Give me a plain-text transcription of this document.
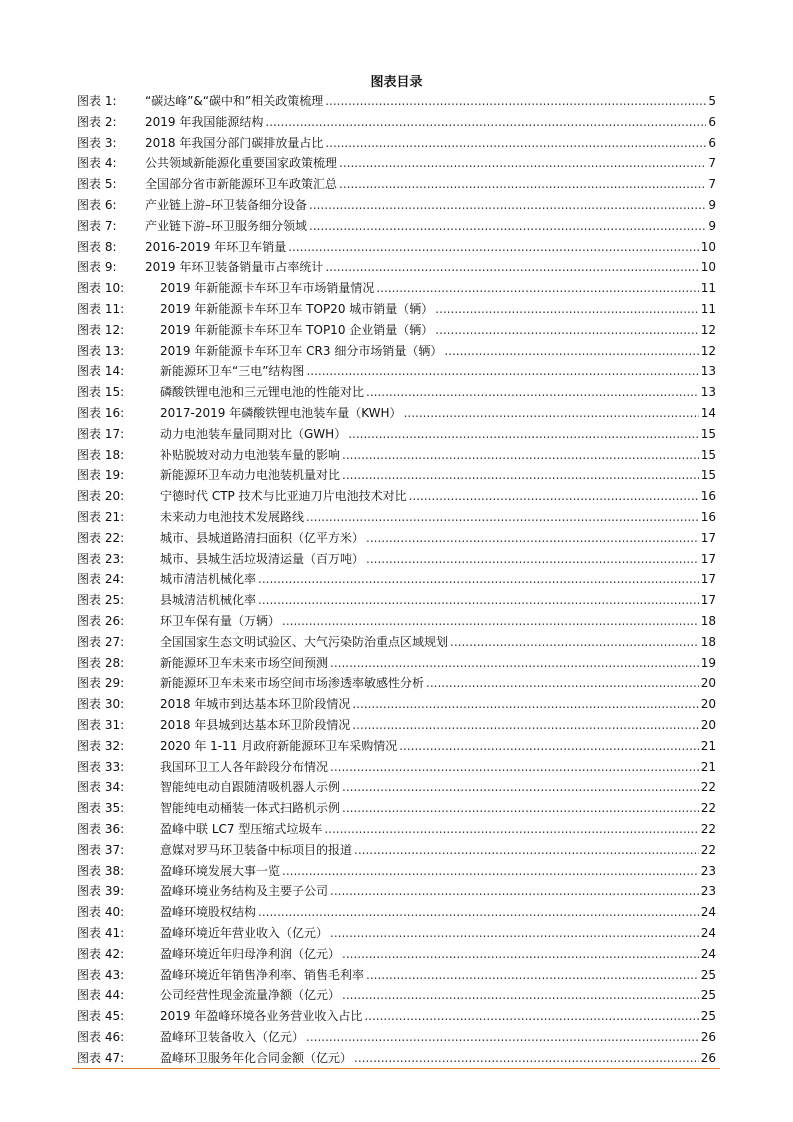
图表目录
图表 1:	“碳达峰”&“碳中和”相关政策梳理 .....	5
图表 2:	2019 年我国能源结构 .....	6
图表 3:	2018 年我国分部门碳排放量占比 .....	6
图表 4:	公共领域新能源化重要国家政策梳理 .....	7
图表 5:	全国部分省市新能源环卫车政策汇总 .....	7
图表 6:	产业链上游–环卫装备细分设备 .....	9
图表 7:	产业链下游–环卫服务细分领域 .....	9
图表 8:	2016-2019 年环卫车销量 .....	10
图表 9:	2019 年环卫装备销量市占率统计 .....	10
图表 10:	2019 年新能源卡车环卫车市场销量情况 .....	11
图表 11:	2019 年新能源卡车环卫车 TOP20 城市销量（辆） .....	11
图表 12:	2019 年新能源卡车环卫车 TOP10 企业销量（辆） .....	12
图表 13:	2019 年新能源卡车环卫车 CR3 细分市场销量（辆） .....	12
图表 14:	新能源环卫车“三电”结构图 .....	13
图表 15:	磷酸铁锂电池和三元锂电池的性能对比 .....	13
图表 16:	2017-2019 年磷酸铁锂电池装车量（KWH） .....	14
图表 17:	动力电池装车量同期对比（GWH） .....	15
图表 18:	补贴脱坡对动力电池装车量的影响 .....	15
图表 19:	新能源环卫车动力电池装机量对比 .....	15
图表 20:	宁德时代 CTP 技术与比亚迪刀片电池技术对比 .....	16
图表 21:	未来动力电池技术发展路线 .....	16
图表 22:	城市、县城道路清扫面积（亿平方米） .....	17
图表 23:	城市、县城生活垃圾清运量（百万吨） .....	17
图表 24:	城市清洁机械化率 .....	17
图表 25:	县城清洁机械化率 .....	17
图表 26:	环卫车保有量（万辆） .....	18
图表 27:	全国国家生态文明试验区、大气污染防治重点区域规划 .....	18
图表 28:	新能源环卫车未来市场空间预测 .....	19
图表 29:	新能源环卫车未来市场空间市场渗透率敏感性分析 .....	20
图表 30:	2018 年城市到达基本环卫阶段情况 .....	20
图表 31:	2018 年县城到达基本环卫阶段情况 .....	20
图表 32:	2020 年 1-11 月政府新能源环卫车采购情况 .....	21
图表 33:	我国环卫工人各年龄段分布情况 .....	21
图表 34:	智能纯电动自跟随清吸机器人示例 .....	22
图表 35:	智能纯电动桶装一体式扫路机示例 .....	22
图表 36:	盈峰中联 LC7 型压缩式垃圾车 .....	22
图表 37:	意媒对罗马环卫装备中标项目的报道 .....	22
图表 38:	盈峰环境发展大事一览 .....	23
图表 39:	盈峰环境业务结构及主要子公司 .....	23
图表 40:	盈峰环境股权结构 .....	24
图表 41:	盈峰环境近年营业收入（亿元） .....	24
图表 42:	盈峰环境近年归母净利润（亿元） .....	24
图表 43:	盈峰环境近年销售净利率、销售毛利率 .....	25
图表 44:	公司经营性现金流量净额（亿元） .....	25
图表 45:	2019 年盈峰环境各业务营业收入占比 .....	25
图表 46:	盈峰环卫装备收入（亿元） .....	26
图表 47:	盈峰环卫服务年化合同金额（亿元） .....	26
